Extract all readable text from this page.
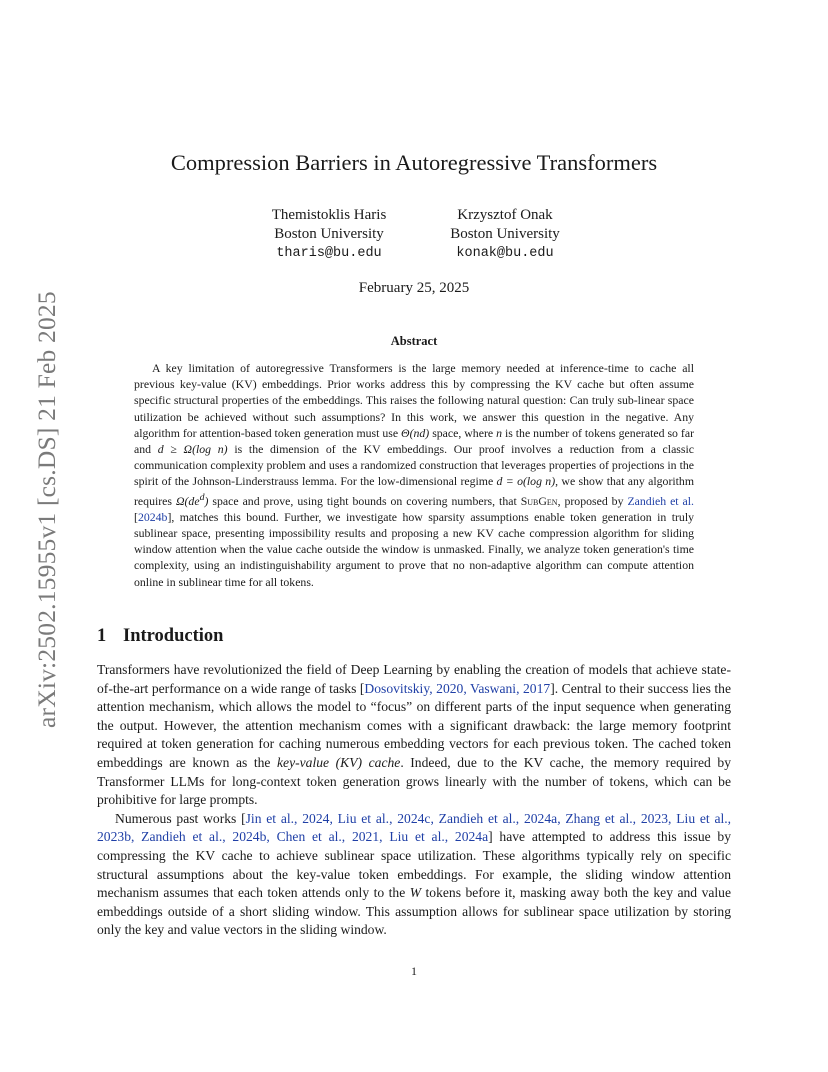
arXiv:2502.15955v1 [cs.DS] 21 Feb 2025
Compression Barriers in Autoregressive Transformers
Themistoklis Haris
Boston University
tharis@bu.edu
Krzysztof Onak
Boston University
konak@bu.edu
February 25, 2025
Abstract

A key limitation of autoregressive Transformers is the large memory needed at inference-time to cache all previous key-value (KV) embeddings. Prior works address this by compressing the KV cache but often assume specific structural properties of the embeddings. This raises the following natural question: Can truly sub-linear space utilization be achieved without such assumptions? In this work, we answer this question in the negative. Any algorithm for attention-based token generation must use Θ(nd) space, where n is the number of tokens generated so far and d ≥ Ω(log n) is the dimension of the KV embeddings. Our proof involves a reduction from a classic communication complexity problem and uses a randomized construction that leverages properties of projections in the spirit of the Johnson-Linderstrauss lemma. For the low-dimensional regime d = o(log n), we show that any algorithm requires $\Omega(de^d)$ space and prove, using tight bounds on covering numbers, that SubGen, proposed by Zandieh et al. [2024b], matches this bound. Further, we investigate how sparsity assumptions enable token generation in truly sublinear space, presenting impossibility results and proposing a new KV cache compression algorithm for sliding window attention when the value cache outside the window is unmasked. Finally, we analyze token generation's time complexity, using an indistinguishability argument to prove that no non-adaptive algorithm can compute attention online in sublinear time for all tokens.

1 Introduction

Transformers have revolutionized the field of Deep Learning by enabling the creation of models that achieve state-of-the-art performance on a wide range of tasks [Dosovitskiy, 2020, Vaswani, 2017]. Central to their success lies the attention mechanism, which allows the model to “focus” on different parts of the input sequence when generating the output. However, the attention mechanism comes with a significant drawback: the large memory footprint required at token generation for caching numerous embedding vectors for each previous token. The cached token embeddings are known as the key-value (KV) cache. Indeed, due to the KV cache, the memory required by Transformer LLMs for long-context token generation grows linearly with the number of tokens, which can be prohibitive for large prompts.

Numerous past works [Jin et al., 2024, Liu et al., 2024c, Zandieh et al., 2024a, Zhang et al., 2023, Liu et al., 2023b, Zandieh et al., 2024b, Chen et al., 2021, Liu et al., 2024a] have attempted to address this issue by compressing the KV cache to achieve sublinear space utilization. These algorithms typically rely on specific structural assumptions about the key-value token embeddings. For example, the sliding window attention mechanism assumes that each token attends only to the W tokens before it, masking away both the key and value embeddings outside of a short sliding window. This assumption allows for sublinear space utilization by storing only the key and value vectors in the sliding window.

1
